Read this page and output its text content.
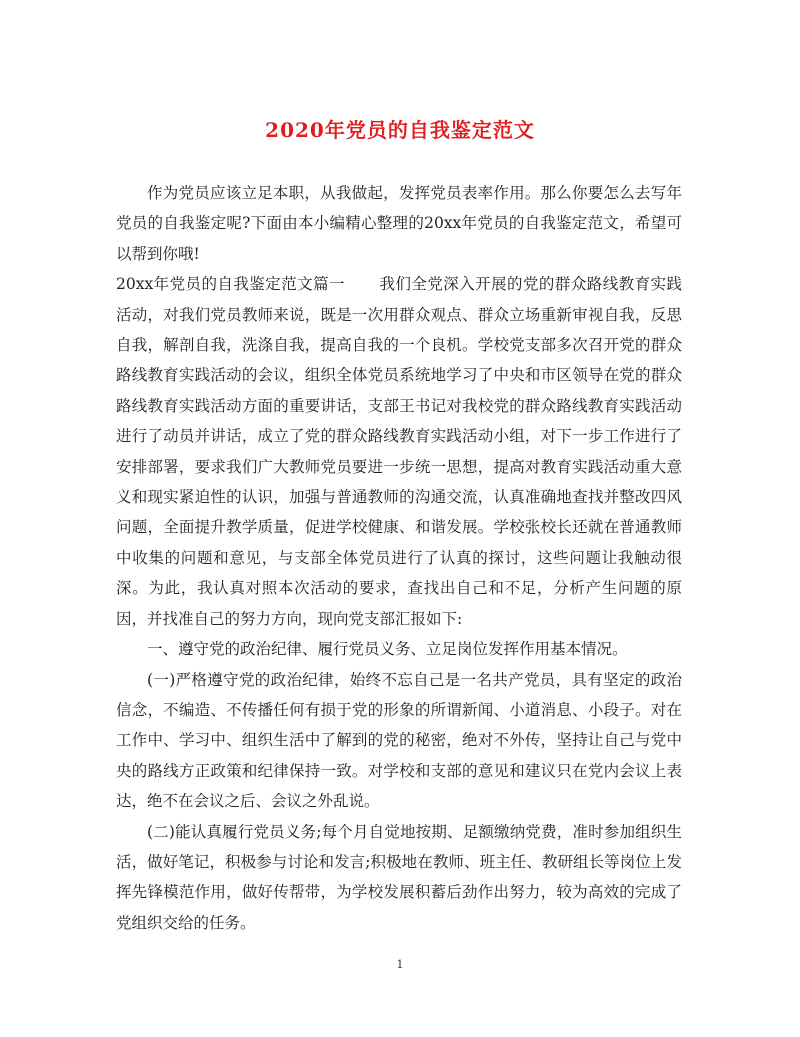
2020年党员的自我鉴定范文

作为党员应该立足本职，从我做起，发挥党员表率作用。那么你要怎么去写年党员的自我鉴定呢?下面由本小编精心整理的20xx年党员的自我鉴定范文，希望可以帮到你哦!

20xx年党员的自我鉴定范文篇一 我们全党深入开展的党的群众路线教育实践活动，对我们党员教师来说，既是一次用群众观点、群众立场重新审视自我，反思自我，解剖自我，洗涤自我，提高自我的一个良机。学校党支部多次召开党的群众路线教育实践活动的会议，组织全体党员系统地学习了中央和市区领导在党的群众路线教育实践活动方面的重要讲话，支部王书记对我校党的群众路线教育实践活动进行了动员并讲话，成立了党的群众路线教育实践活动小组，对下一步工作进行了安排部署，要求我们广大教师党员要进一步统一思想，提高对教育实践活动重大意义和现实紧迫性的认识，加强与普通教师的沟通交流，认真准确地查找并整改四风问题，全面提升教学质量，促进学校健康、和谐发展。学校张校长还就在普通教师中收集的问题和意见，与支部全体党员进行了认真的探讨，这些问题让我触动很深。为此，我认真对照本次活动的要求，查找出自己和不足，分析产生问题的原因，并找准自己的努力方向，现向党支部汇报如下:

一、遵守党的政治纪律、履行党员义务、立足岗位发挥作用基本情况。

(一)严格遵守党的政治纪律，始终不忘自己是一名共产党员，具有坚定的政治信念，不编造、不传播任何有损于党的形象的所谓新闻、小道消息、小段子。对在工作中、学习中、组织生活中了解到的党的秘密，绝对不外传，坚持让自己与党中央的路线方正政策和纪律保持一致。对学校和支部的意见和建议只在党内会议上表达，绝不在会议之后、会议之外乱说。

(二)能认真履行党员义务;每个月自觉地按期、足额缴纳党费，准时参加组织生活，做好笔记，积极参与讨论和发言;积极地在教师、班主任、教研组长等岗位上发挥先锋模范作用，做好传帮带，为学校发展积蓄后劲作出努力，较为高效的完成了党组织交给的任务。

1
